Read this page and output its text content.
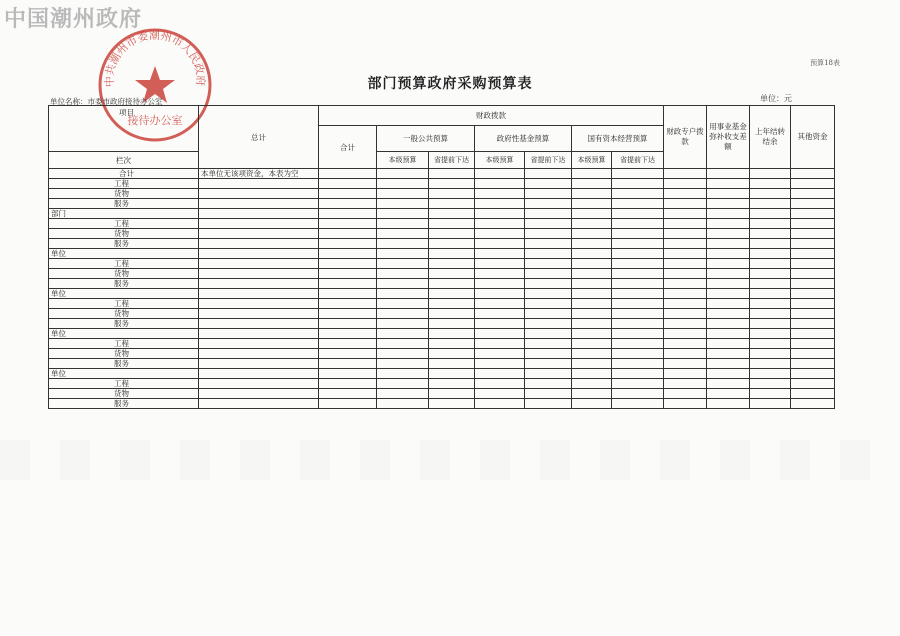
中国潮州政府
中共潮州市委潮州市人民政府
接待办公室
预算18表
部门预算政府采购预算表
单位名称：市委市政府接待办公室	单位：元
项目	总计	财政拨款							财政专户拨款	用事业基金弥补收支差额	上年结转结余	其他资金
		合计	一般公共预算		政府性基金预算		国有资本经营预算					
栏次			本级预算	省提前下达	本级预算	省提前下达	本级预算	省提前下达				
合计	本单位无该项资金，本表为空											
工程												
货物												
服务												
部门												
工程												
货物												
服务												
单位												
工程												
货物												
服务												
单位												
工程												
货物												
服务												
单位												
工程												
货物												
服务												
单位												
工程												
货物												
服务												
